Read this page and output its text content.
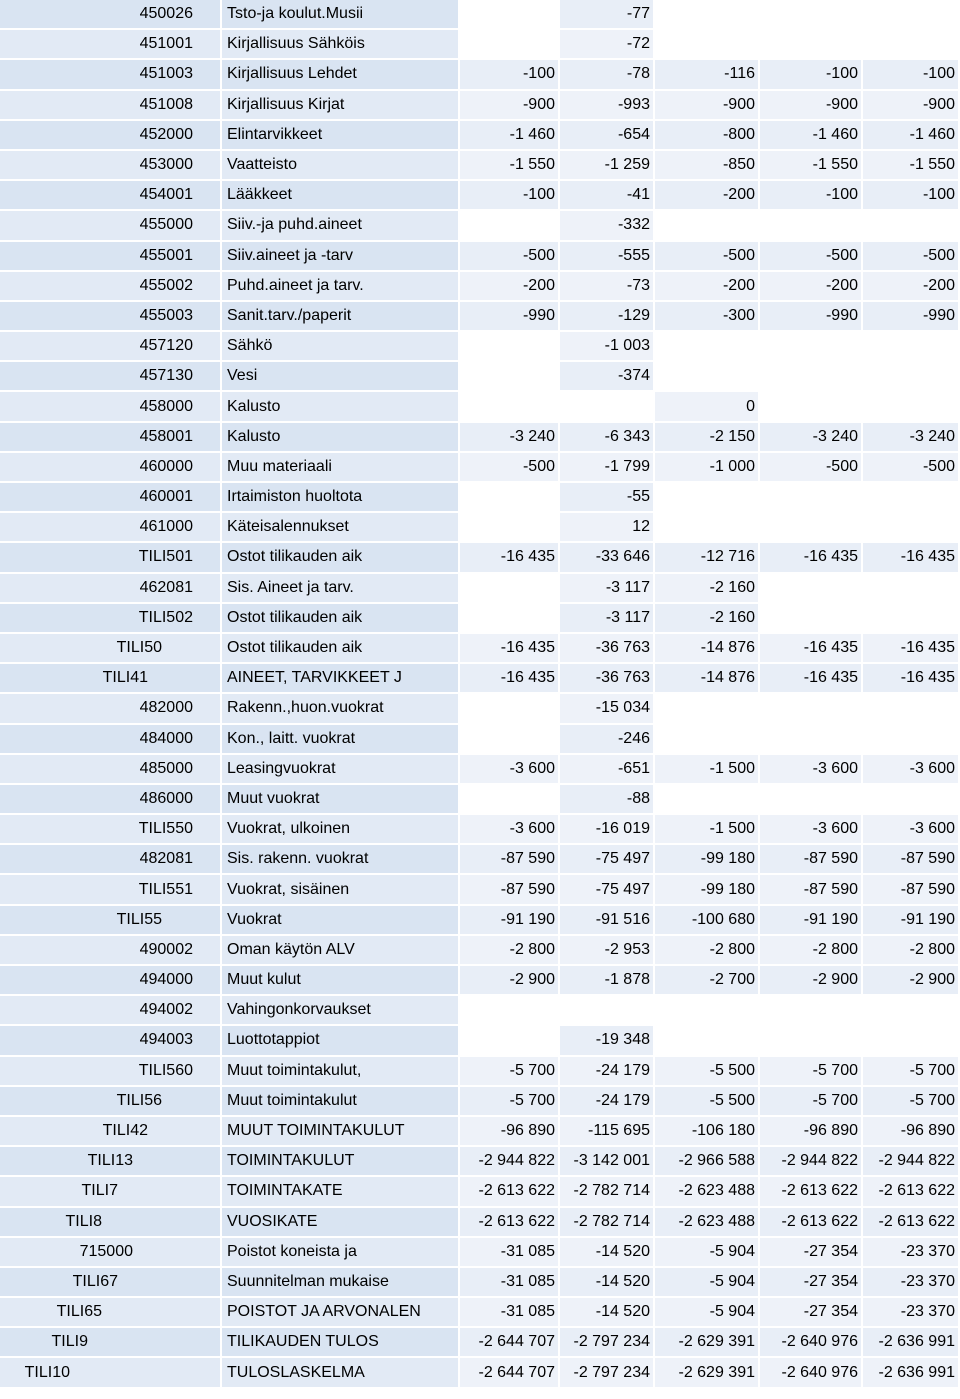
450026	Tsto-ja koulut.Musii		-77			
451001	Kirjallisuus Sähköis		-72			
451003	Kirjallisuus Lehdet	-100	-78	-116	-100	-100
451008	Kirjallisuus Kirjat	-900	-993	-900	-900	-900
452000	Elintarvikkeet	-1 460	-654	-800	-1 460	-1 460
453000	Vaatteisto	-1 550	-1 259	-850	-1 550	-1 550
454001	Lääkkeet	-100	-41	-200	-100	-100
455000	Siiv.-ja puhd.aineet		-332			
455001	Siiv.aineet ja -tarv	-500	-555	-500	-500	-500
455002	Puhd.aineet ja tarv.	-200	-73	-200	-200	-200
455003	Sanit.tarv./paperit	-990	-129	-300	-990	-990
457120	Sähkö		-1 003			
457130	Vesi		-374			
458000	Kalusto			0		
458001	Kalusto	-3 240	-6 343	-2 150	-3 240	-3 240
460000	Muu materiaali	-500	-1 799	-1 000	-500	-500
460001	Irtaimiston huoltota		-55			
461000	Käteisalennukset		12			
TILI501	Ostot tilikauden aik	-16 435	-33 646	-12 716	-16 435	-16 435
462081	Sis. Aineet ja tarv.		-3 117	-2 160		
TILI502	Ostot tilikauden aik		-3 117	-2 160		
TILI50	Ostot tilikauden aik	-16 435	-36 763	-14 876	-16 435	-16 435
TILI41	AINEET, TARVIKKEET J	-16 435	-36 763	-14 876	-16 435	-16 435
482000	Rakenn.,huon.vuokrat		-15 034			
484000	Kon., laitt. vuokrat		-246			
485000	Leasingvuokrat	-3 600	-651	-1 500	-3 600	-3 600
486000	Muut vuokrat		-88			
TILI550	Vuokrat, ulkoinen	-3 600	-16 019	-1 500	-3 600	-3 600
482081	Sis. rakenn. vuokrat	-87 590	-75 497	-99 180	-87 590	-87 590
TILI551	Vuokrat, sisäinen	-87 590	-75 497	-99 180	-87 590	-87 590
TILI55	Vuokrat	-91 190	-91 516	-100 680	-91 190	-91 190
490002	Oman käytön ALV	-2 800	-2 953	-2 800	-2 800	-2 800
494000	Muut kulut	-2 900	-1 878	-2 700	-2 900	-2 900
494002	Vahingonkorvaukset					
494003	Luottotappiot		-19 348			
TILI560	Muut toimintakulut,	-5 700	-24 179	-5 500	-5 700	-5 700
TILI56	Muut toimintakulut	-5 700	-24 179	-5 500	-5 700	-5 700
TILI42	MUUT TOIMINTAKULUT	-96 890	-115 695	-106 180	-96 890	-96 890
TILI13	TOIMINTAKULUT	-2 944 822	-3 142 001	-2 966 588	-2 944 822	-2 944 822
TILI7	TOIMINTAKATE	-2 613 622	-2 782 714	-2 623 488	-2 613 622	-2 613 622
TILI8	VUOSIKATE	-2 613 622	-2 782 714	-2 623 488	-2 613 622	-2 613 622
715000	Poistot koneista ja	-31 085	-14 520	-5 904	-27 354	-23 370
TILI67	Suunnitelman mukaise	-31 085	-14 520	-5 904	-27 354	-23 370
TILI65	POISTOT JA ARVONALEN	-31 085	-14 520	-5 904	-27 354	-23 370
TILI9	TILIKAUDEN TULOS	-2 644 707	-2 797 234	-2 629 391	-2 640 976	-2 636 991
TILI10	TULOSLASKELMA	-2 644 707	-2 797 234	-2 629 391	-2 640 976	-2 636 991
